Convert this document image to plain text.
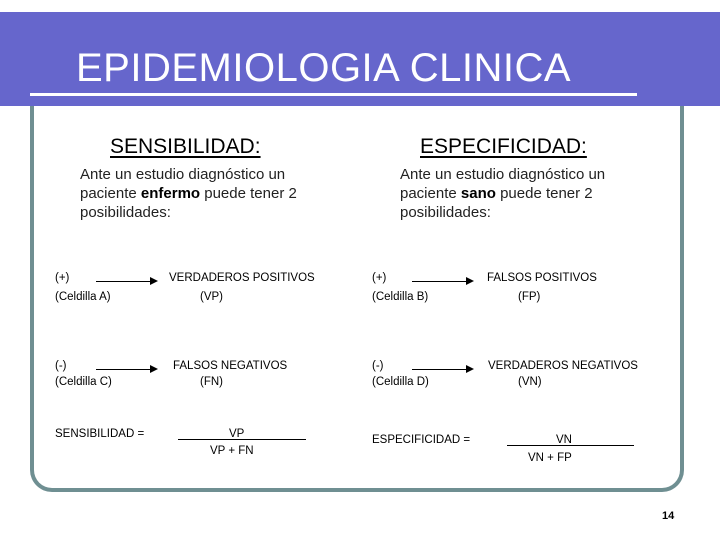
EPIDEMIOLOGIA CLINICA
SENSIBILIDAD:
Ante un estudio diagnóstico un paciente enfermo puede tener 2 posibilidades:
(+)	VERDADEROS POSITIVOS
(Celdilla A)	(VP)
(-)	FALSOS NEGATIVOS
(Celdilla C)	(FN)
SENSIBILIDAD =	VP
VP + FN
ESPECIFICIDAD:
Ante un estudio diagnóstico un paciente sano puede tener 2 posibilidades:
(+)	FALSOS POSITIVOS
(Celdilla B)	(FP)
(-)	VERDADEROS NEGATIVOS
(Celdilla D)	(VN)
ESPECIFICIDAD =	VN
VN + FP
14
